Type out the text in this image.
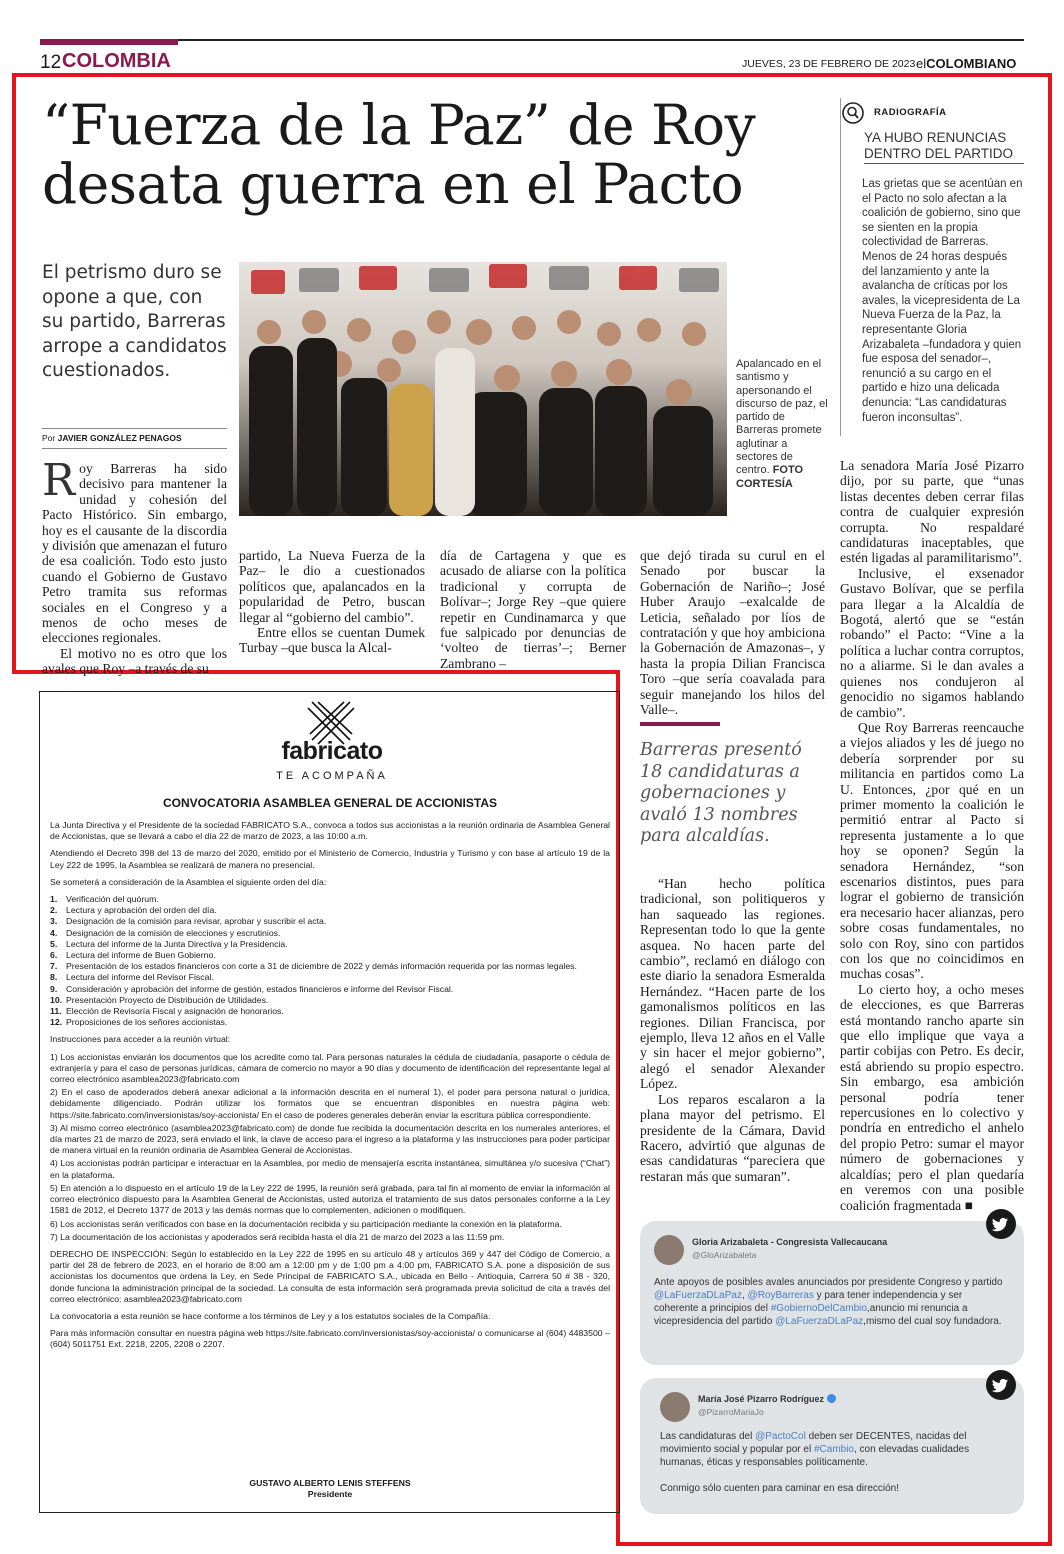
12 COLOMBIA	JUEVES, 23 DE FEBRERO DE 2023 elCOLOMBIANO
“Fuerza de la Paz” de Roy
desata guerra en el Pacto
El petrismo duro se opone a que, con su partido, Barreras arrope a candidatos cuestionados.
Por JAVIER GONZÁLEZ PENAGOS
Apalancado en el santismo y apersonando el discurso de paz, el partido de Barreras promete aglutinar a sectores de centro. FOTO CORTESÍA
RADIOGRAFÍA
YA HUBO RENUNCIAS DENTRO DEL PARTIDO
Las grietas que se acentúan en el Pacto no solo afectan a la coalición de gobierno, sino que se sienten en la propia colectividad de Barreras. Menos de 24 horas después del lanzamiento y ante la avalancha de críticas por los avales, la vicepresidenta de La Nueva Fuerza de la Paz, la representante Gloria Arizabaleta –fundadora y quien fue esposa del senador–, renunció a su cargo en el partido e hizo una delicada denuncia: “Las candidaturas fueron inconsultas”.

Roy Barreras ha sido decisivo para mantener la unidad y cohesión del Pacto Histórico. Sin embargo, hoy es el causante de la discordia y división que amenazan el futuro de esa coalición. Todo esto justo cuando el Gobierno de Gustavo Petro tramita sus reformas sociales en el Congreso y a menos de ocho meses de elecciones regionales.

El motivo no es otro que los avales que Roy –a través de su

partido, La Nueva Fuerza de la Paz– le dio a cuestionados políticos que, apalancados en la popularidad de Petro, buscan llegar al “gobierno del cambio”.

Entre ellos se cuentan Dumek Turbay –que busca la Alcal-

día de Cartagena y que es acusado de aliarse con la política tradicional y corrupta de Bolívar–; Jorge Rey –que quiere repetir en Cundinamarca y que fue salpicado por denuncias de ‘volteo de tierras’–; Berner Zambrano –

que dejó tirada su curul en el Senado por buscar la Gobernación de Nariño–; José Huber Araujo –exalcalde de Leticia, señalado por líos de contratación y que hoy ambiciona la Gobernación de Amazonas–, y hasta la propia Dilian Francisca Toro –que sería coavalada para seguir manejando los hilos del Valle–.

Barreras presentó 18 candidaturas a gobernaciones y avaló 13 nombres para alcaldías.

“Han hecho política tradicional, son politiqueros y han saqueado las regiones. Representan todo lo que la gente asquea. No hacen parte del cambio”, reclamó en diálogo con este diario la senadora Esmeralda Hernández. “Hacen parte de los gamonalismos políticos en las regiones. Dilian Francisca, por ejemplo, lleva 12 años en el Valle y sin hacer el mejor gobierno”, alegó el senador Alexander López.

Los reparos escalaron a la plana mayor del petrismo. El presidente de la Cámara, David Racero, advirtió que algunas de esas candidaturas “pareciera que restaran más que sumaran”.

La senadora María José Pizarro dijo, por su parte, que “unas listas decentes deben cerrar filas contra de cualquier expresión corrupta. No respaldaré candidaturas inaceptables, que estén ligadas al paramilitarismo”.

Inclusive, el exsenador Gustavo Bolívar, que se perfila para llegar a la Alcaldía de Bogotá, alertó que se “están robando” el Pacto: “Vine a la política a luchar contra corruptos, no a aliarme. Si le dan avales a quienes nos condujeron al genocidio no sigamos hablando de cambio”.

Que Roy Barreras reencauche a viejos aliados y les dé juego no debería sorprender por su militancia en partidos como La U. Entonces, ¿por qué en un primer momento la coalición le permitió entrar al Pacto si representa justamente a lo que hoy se oponen? Según la senadora Hernández, “son escenarios distintos, pues para lograr el gobierno de transición era necesario hacer alianzas, pero sobre cosas fundamentales, no solo con Roy, sino con partidos con los que no coincidimos en muchas cosas”.

Lo cierto hoy, a ocho meses de elecciones, es que Barreras está montando rancho aparte sin que ello implique que vaya a partir cobijas con Petro. Es decir, está abriendo su propio espectro. Sin embargo, esa ambición personal podría tener repercusiones en lo colectivo y pondría en entredicho el anhelo del propio Petro: sumar el mayor número de gobernaciones y alcaldías; pero el plan quedaría en veremos con una posible coalición fragmentada ■

Gloria Arizabaleta - Congresista Vallecaucana
@GloArizabaleta
Ante apoyos de posibles avales anunciados por presidente Congreso y partido @LaFuerzaDLaPaz, @RoyBarreras y para tener independencia y ser coherente a principios del #GobiernoDelCambio,anuncio mi renuncia a vicepresidencia del partido @LaFuerzaDLaPaz,mismo del cual soy fundadora.
María José Pizarro Rodríguez
@PizarroMariaJo
Las candidaturas del @PactoCol deben ser DECENTES, nacidas del movimiento social y popular por el #Cambio, con elevadas cualidades humanas, éticas y responsables políticamente.
Conmigo sólo cuenten para caminar en esa dirección!
fabricato
TE ACOMPAÑA
CONVOCATORIA ASAMBLEA GENERAL DE ACCIONISTAS

La Junta Directiva y el Presidente de la sociedad FABRICATO S.A., convoca a todos sus accionistas a la reunión ordinaria de Asamblea General de Accionistas, que se llevará a cabo el día 22 de marzo de 2023, a las 10:00 a.m.

Atendiendo el Decreto 398 del 13 de marzo del 2020, emitido por el Ministerio de Comercio, Industria y Turismo y con base al artículo 19 de la Ley 222 de 1995, la Asamblea se realizará de manera no presencial.

Se someterá a consideración de la Asamblea el siguiente orden del día:

1. Verificación del quórum.
2. Lectura y aprobación del orden del día.
3. Designación de la comisión para revisar, aprobar y suscribir el acta.
4. Designación de la comisión de elecciones y escrutinios.
5. Lectura del informe de la Junta Directiva y la Presidencia.
6. Lectura del informe de Buen Gobierno.
7. Presentación de los estados financieros con corte a 31 de diciembre de 2022 y demás información requerida por las normas legales.
8. Lectura del informe del Revisor Fiscal.
9. Consideración y aprobación del informe de gestión, estados financieros e informe del Revisor Fiscal.
10. Presentación Proyecto de Distribución de Utilidades.
11. Elección de Revisoría Fiscal y asignación de honorarios.
12. Proposiciones de los señores accionistas.

Instrucciones para acceder a la reunión virtual:

1) Los accionistas enviarán los documentos que los acredite como tal. Para personas naturales la cédula de ciudadanía, pasaporte o cédula de extranjería y para el caso de personas jurídicas, cámara de comercio no mayor a 90 días y documento de identificación del representante legal al correo electrónico asamblea2023@fabricato.com

2) En el caso de apoderados deberá anexar adicional a la información descrita en el numeral 1), el poder para persona natural o jurídica, debidamente diligenciado. Podrán utilizar los formatos que se encuentran disponibles en nuestra página web: https://site.fabricato.com/inversionistas/soy-accionista/ En el caso de poderes generales deberán enviar la escritura pública correspondiente.

3) Al mismo correo electrónico (asamblea2023@fabricato.com) de donde fue recibida la documentación descrita en los numerales anteriores, el día martes 21 de marzo de 2023, será enviado el link, la clave de acceso para el ingreso a la plataforma y las instrucciones para poder participar de manera virtual en la reunión ordinaria de Asamblea General de Accionistas.

4) Los accionistas podrán participar e interactuar en la Asamblea, por medio de mensajería escrita instantánea, simultánea y/o sucesiva (“Chat”) en la plataforma.

5) En atención a lo dispuesto en el artículo 19 de la Ley 222 de 1995, la reunión será grabada, para tal fin al momento de enviar la información al correo electrónico dispuesto para la Asamblea General de Accionistas, usted autoriza el tratamiento de sus datos personales conforme a la Ley 1581 de 2012, el Decreto 1377 de 2013 y las demás normas que lo complementen, adicionen o modifiquen.

6) Los accionistas serán verificados con base en la documentación recibida y su participación mediante la conexión en la plataforma.

7) La documentación de los accionistas y apoderados será recibida hasta el día 21 de marzo del 2023 a las 11:59 pm.

DERECHO DE INSPECCIÓN: Según lo establecido en la Ley 222 de 1995 en su artículo 48 y artículos 369 y 447 del Código de Comercio, a partir del 28 de febrero de 2023, en el horario de 8:00 am a 12:00 pm y de 1:00 pm a 4:00 pm, FABRICATO S.A. pone a disposición de sus accionistas los documentos que ordena la Ley, en Sede Principal de FABRICATO S.A., ubicada en Bello - Antioquia, Carrera 50 # 38 - 320, donde funciona la administración principal de la sociedad. La consulta de esta información será programada previa solicitud de cita a través del correo electrónico: asamblea2023@fabricato.com

La convocatoria a esta reunión se hace conforme a los términos de Ley y a los estatutos sociales de la Compañía.

Para más información consultar en nuestra página web https://site.fabricato.com/inversionistas/soy-accionista/ o comunicarse al (604) 4483500 – (604) 5011751 Ext. 2218, 2205, 2208 o 2207.

GUSTAVO ALBERTO LENIS STEFFENS
Presidente
